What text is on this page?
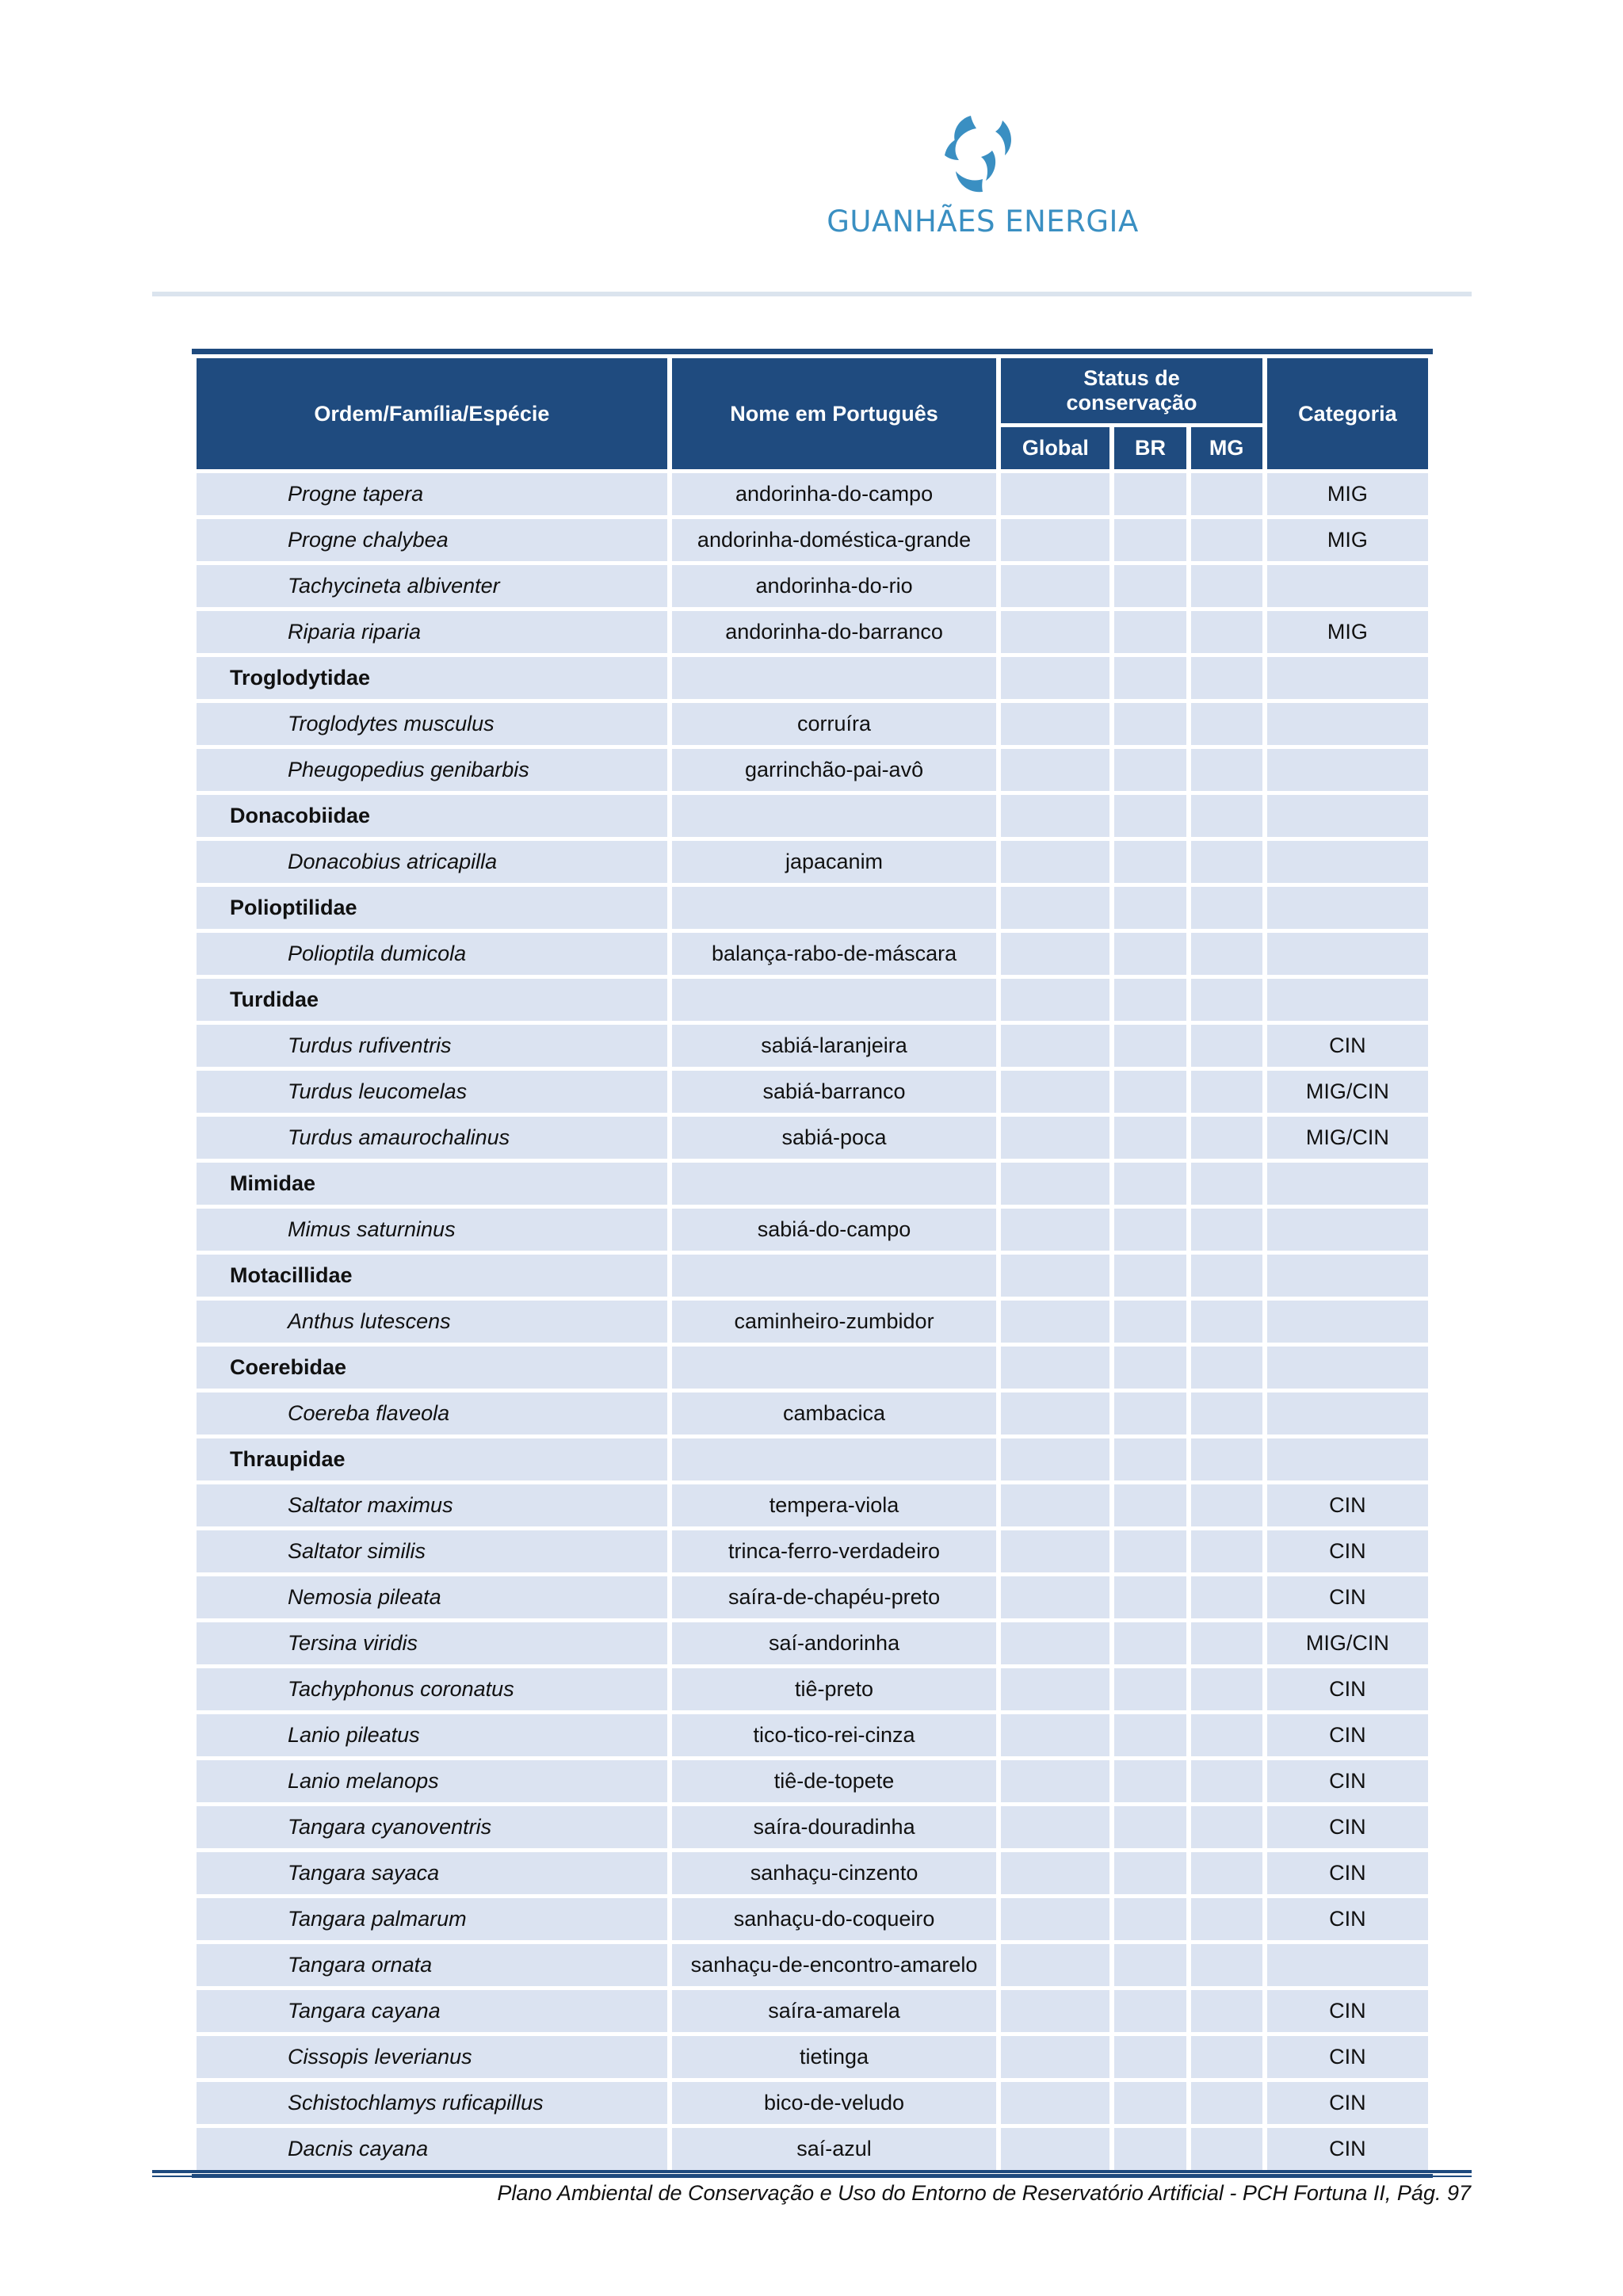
GUANHÃES ENERGIA
Ordem/Família/Espécie	Nome em Português	Status de
conservação			Categoria
		Global	BR	MG	
Progne tapera	andorinha-do-campo				MIG
Progne chalybea	andorinha-doméstica-grande				MIG
Tachycineta albiventer	andorinha-do-rio				
Riparia riparia	andorinha-do-barranco				MIG
Troglodytidae					
Troglodytes musculus	corruíra				
Pheugopedius genibarbis	garrinchão-pai-avô				
Donacobiidae					
Donacobius atricapilla	japacanim				
Polioptilidae					
Polioptila dumicola	balança-rabo-de-máscara				
Turdidae					
Turdus rufiventris	sabiá-laranjeira				CIN
Turdus leucomelas	sabiá-barranco				MIG/CIN
Turdus amaurochalinus	sabiá-poca				MIG/CIN
Mimidae					
Mimus saturninus	sabiá-do-campo				
Motacillidae					
Anthus lutescens	caminheiro-zumbidor				
Coerebidae					
Coereba flaveola	cambacica				
Thraupidae					
Saltator maximus	tempera-viola				CIN
Saltator similis	trinca-ferro-verdadeiro				CIN
Nemosia pileata	saíra-de-chapéu-preto				CIN
Tersina viridis	saí-andorinha				MIG/CIN
Tachyphonus coronatus	tiê-preto				CIN
Lanio pileatus	tico-tico-rei-cinza				CIN
Lanio melanops	tiê-de-topete				CIN
Tangara cyanoventris	saíra-douradinha				CIN
Tangara sayaca	sanhaçu-cinzento				CIN
Tangara palmarum	sanhaçu-do-coqueiro				CIN
Tangara ornata	sanhaçu-de-encontro-amarelo				
Tangara cayana	saíra-amarela				CIN
Cissopis leverianus	tietinga				CIN
Schistochlamys ruficapillus	bico-de-veludo				CIN
Dacnis cayana	saí-azul				CIN
Plano Ambiental de Conservação e Uso do Entorno de Reservatório Artificial - PCH Fortuna II, Pág. 97
